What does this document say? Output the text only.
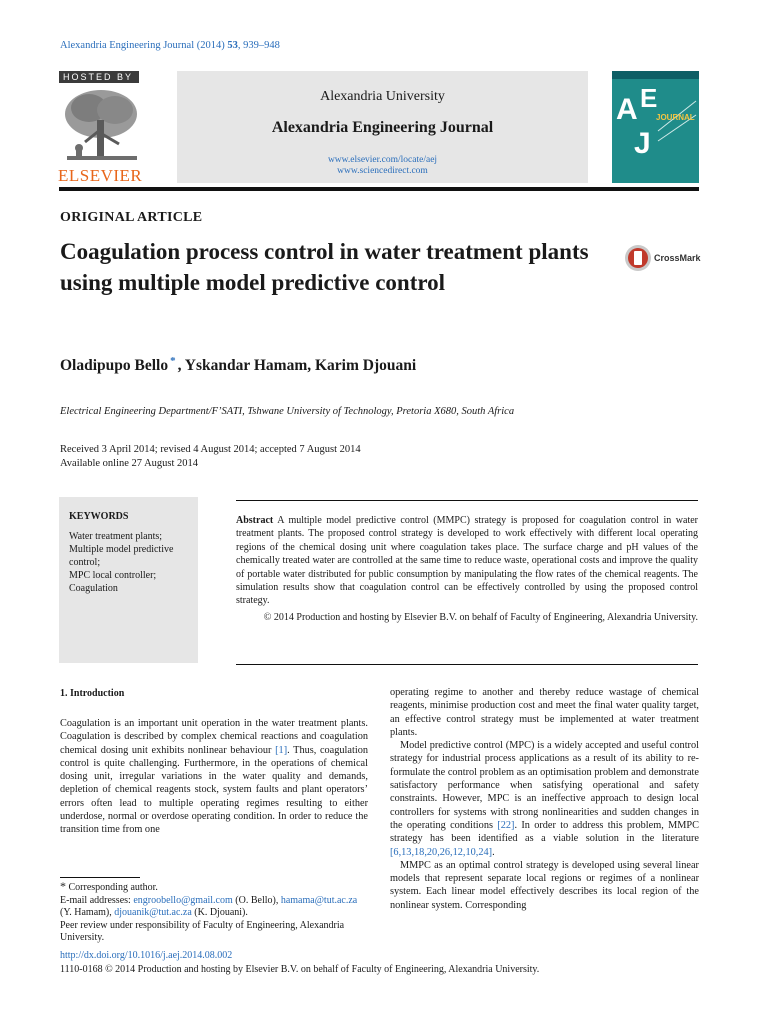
Alexandria Engineering Journal (2014) 53, 939–948
HOSTED BY
ELSEVIER
Alexandria University
Alexandria Engineering Journal
www.elsevier.com/locate/aej
www.sciencedirect.com
A E
J
JOURNAL
ORIGINAL ARTICLE
Coagulation process control in water treatment plants using multiple model predictive control
CrossMark
Oladipupo Bello * , Yskandar Hamam, Karim Djouani
Electrical Engineering Department/F’SATI, Tshwane University of Technology, Pretoria X680, South Africa
Received 3 April 2014; revised 4 August 2014; accepted 7 August 2014
Available online 27 August 2014
KEYWORDS
Water treatment plants;
Multiple model predictive control;
MPC local controller;
Coagulation
Abstract A multiple model predictive control (MMPC) strategy is proposed for coagulation control in water treatment plants. The proposed control strategy is developed to work effectively with different local operating regions of the chemical dosing unit where coagulation takes place. The surface charge and pH values of the chemically treated water are controlled at the same time to reduce waste, operational costs and improve the quality of portable water distributed for public consumption by manipulating the flow rates of the chemical reagents. The simulation results show that coagulation control can be effectively controlled by using the proposed control strategy.
© 2014 Production and hosting by Elsevier B.V. on behalf of Faculty of Engineering, Alexandria University.
1. Introduction
Coagulation is an important unit operation in the water treatment plants. Coagulation is described by complex chemical reactions and coagulation chemical dosing unit exhibits nonlinear behaviour [1]. Thus, coagulation control is quite challenging. Furthermore, in the operations of chemical dosing unit, irregular variations in the water quality and demands, depletion of chemical reagents stock, system faults and plant operators’ errors often lead to multiple operating regimes resulting to either underdose, normal or overdose operating condition. In order to reduce the transition time from one

operating regime to another and thereby reduce wastage of chemical reagents, minimise production cost and meet the final water quality target, an effective control strategy must be implemented at water treatment plants.

Model predictive control (MPC) is a widely accepted and useful control strategy for industrial process applications as a result of its ability to re-formulate the control problem as an optimisation problem and demonstrate satisfactory performance when satisfying operational and safety constraints. However, MPC is an ineffective approach to design local controllers for systems with strong nonlinearities and sudden changes in the operating conditions [22]. In order to address this problem, MMPC strategy has been identified as a viable solution in the literature [6,13,18,20,26,12,10,24].

MMPC as an optimal control strategy is developed using several linear models that represent separate local regions or regimes of a nonlinear system. Each linear model effectively describes its local region of the nonlinear system. Corresponding

* Corresponding author.
E-mail addresses: engroobello@gmail.com (O. Bello), hamama@tut.ac.za (Y. Hamam), djouanik@tut.ac.za (K. Djouani).
Peer review under responsibility of Faculty of Engineering, Alexandria University.
http://dx.doi.org/10.1016/j.aej.2014.08.002
1110-0168 © 2014 Production and hosting by Elsevier B.V. on behalf of Faculty of Engineering, Alexandria University.
